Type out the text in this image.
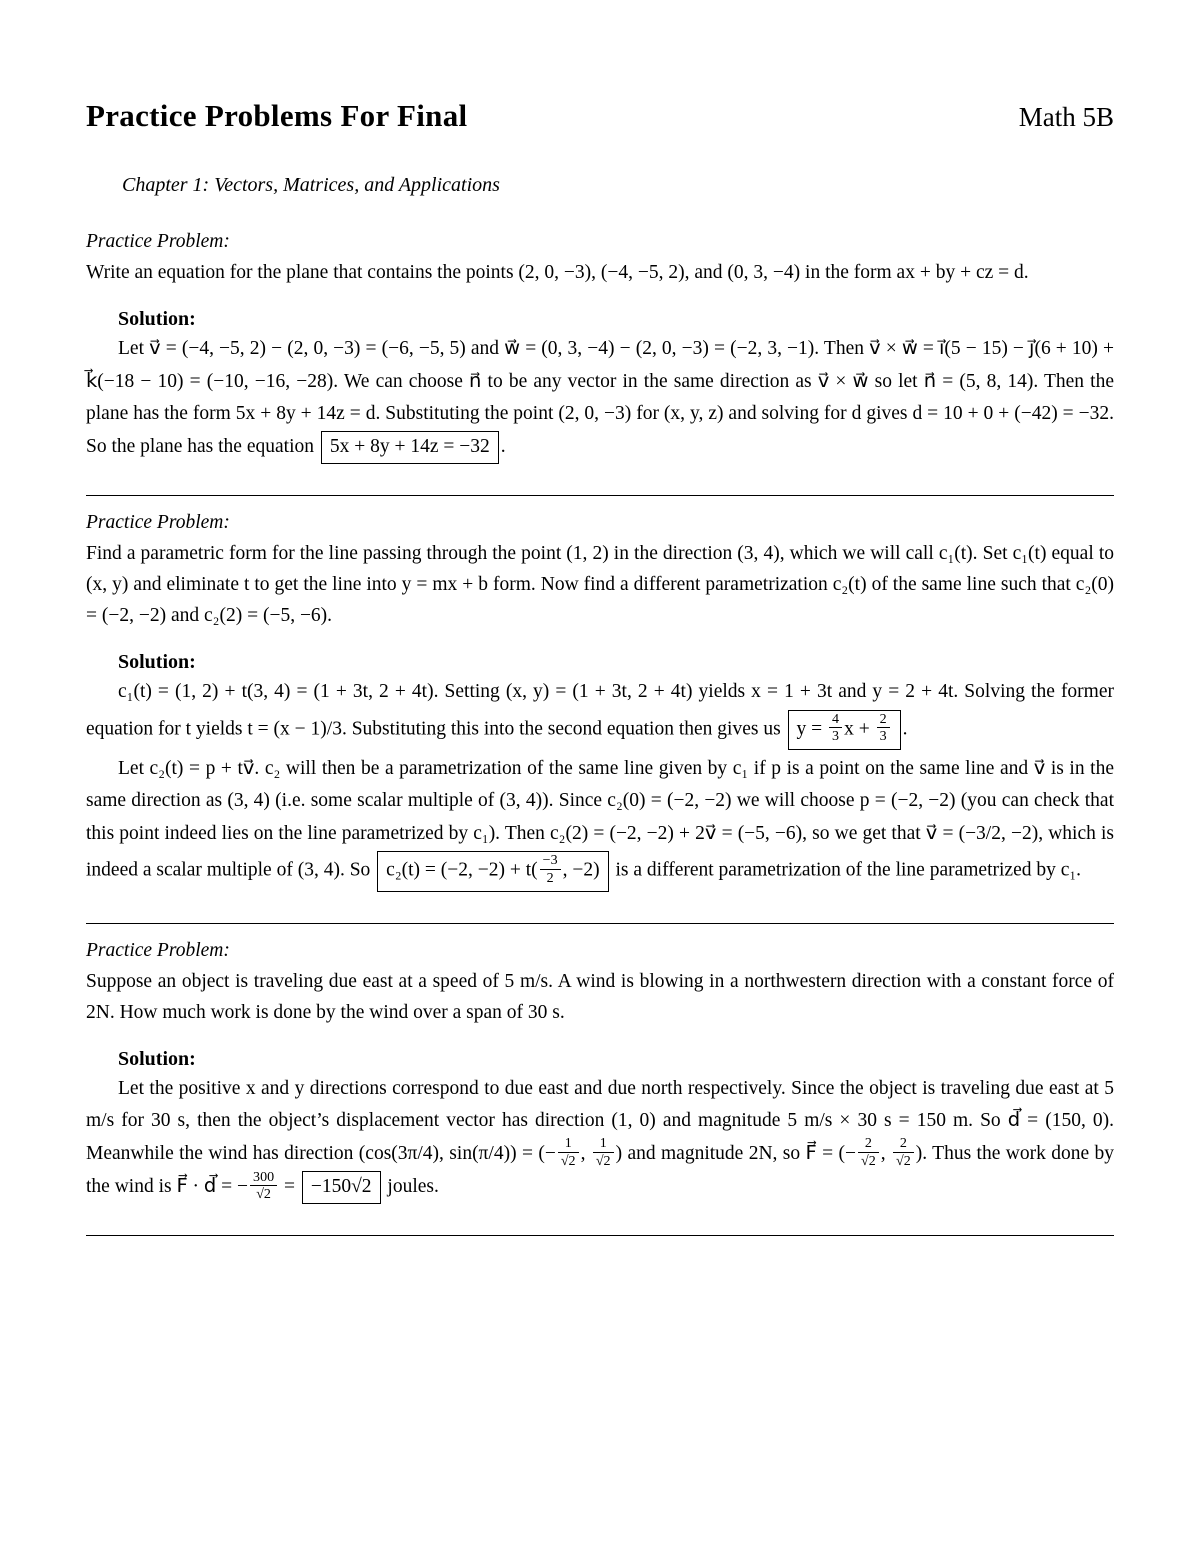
Practice Problems For Final	Math 5B

Chapter 1: Vectors, Matrices, and Applications

Practice Problem:

Write an equation for the plane that contains the points (2, 0, −3), (−4, −5, 2), and (0, 3, −4) in the form ax + by + cz = d.

Solution:

Let v⃗ = (−4, −5, 2) − (2, 0, −3) = (−6, −5, 5) and w⃗ = (0, 3, −4) − (2, 0, −3) = (−2, 3, −1). Then v⃗ × w⃗ = i⃗(5 − 15) − j⃗(6 + 10) + k⃗(−18 − 10) = (−10, −16, −28). We can choose n⃗ to be any vector in the same direction as v⃗ × w⃗ so let n⃗ = (5, 8, 14). Then the plane has the form 5x + 8y + 14z = d. Substituting the point (2, 0, −3) for (x, y, z) and solving for d gives d = 10 + 0 + (−42) = −32. So the plane has the equation 5x + 8y + 14z = −32 .

Practice Problem:

Find a parametric form for the line passing through the point (1, 2) in the direction (3, 4), which we will call c₁(t). Set c₁(t) equal to (x, y) and eliminate t to get the line into y = mx + b form. Now find a different parametrization c₂(t) of the same line such that c₂(0) = (−2, −2) and c₂(2) = (−5, −6).

Solution:

c₁(t) = (1, 2) + t(3, 4) = (1 + 3t, 2 + 4t). Setting (x, y) = (1 + 3t, 2 + 4t) yields x = 1 + 3t and y = 2 + 4t. Solving the former equation for t yields t = (x − 1)/3. Substituting this into the second equation then gives us $y = \frac{4}{3}$ $x + \frac{2}{3}$ .

Let c₂(t) = p + tv⃗. c₂ will then be a parametrization of the same line given by c₁ if p is a point on the same line and v⃗ is in the same direction as (3, 4) (i.e. some scalar multiple of (3, 4)). Since c₂(0) = (−2, −2) we will choose p = (−2, −2) (you can check that this point indeed lies on the line parametrized by c₁). Then c₂(2) = (−2, −2) + 2v⃗ = (−5, −6), so we get that v⃗ = (−3/2, −2), which is indeed a scalar multiple of (3, 4). So c₂(t) = (−2, $-2) + t( \frac{-3}{2}$ , −2) is a different parametrization of the line parametrized by c₁.

Practice Problem:

Suppose an object is traveling due east at a speed of 5 m/s. A wind is blowing in a northwestern direction with a constant force of 2N. How much work is done by the wind over a span of 30 s.

Solution:

Let the positive x and y directions correspond to due east and due north respectively. Since the object is traveling due east at 5 m/s for 30 s, then the object’s displacement vector has direction (1, 0) and magnitude 5 m/s × 30 s = 150 m. So d⃗ = (150, 0). Meanwhile the wind has direction (cos(3π/4), sin(π/4)) = (− $\frac{1}{√2}$ , $\frac{1}{√2}$ ) and magnitude 2N, so F⃗ = (− $\frac{2}{√2}$ , $\frac{2}{√2}$ ). Thus the work done by the wind is F⃗ · d⃗ = − $\frac{300}{√2} = -150√2$ joules.
